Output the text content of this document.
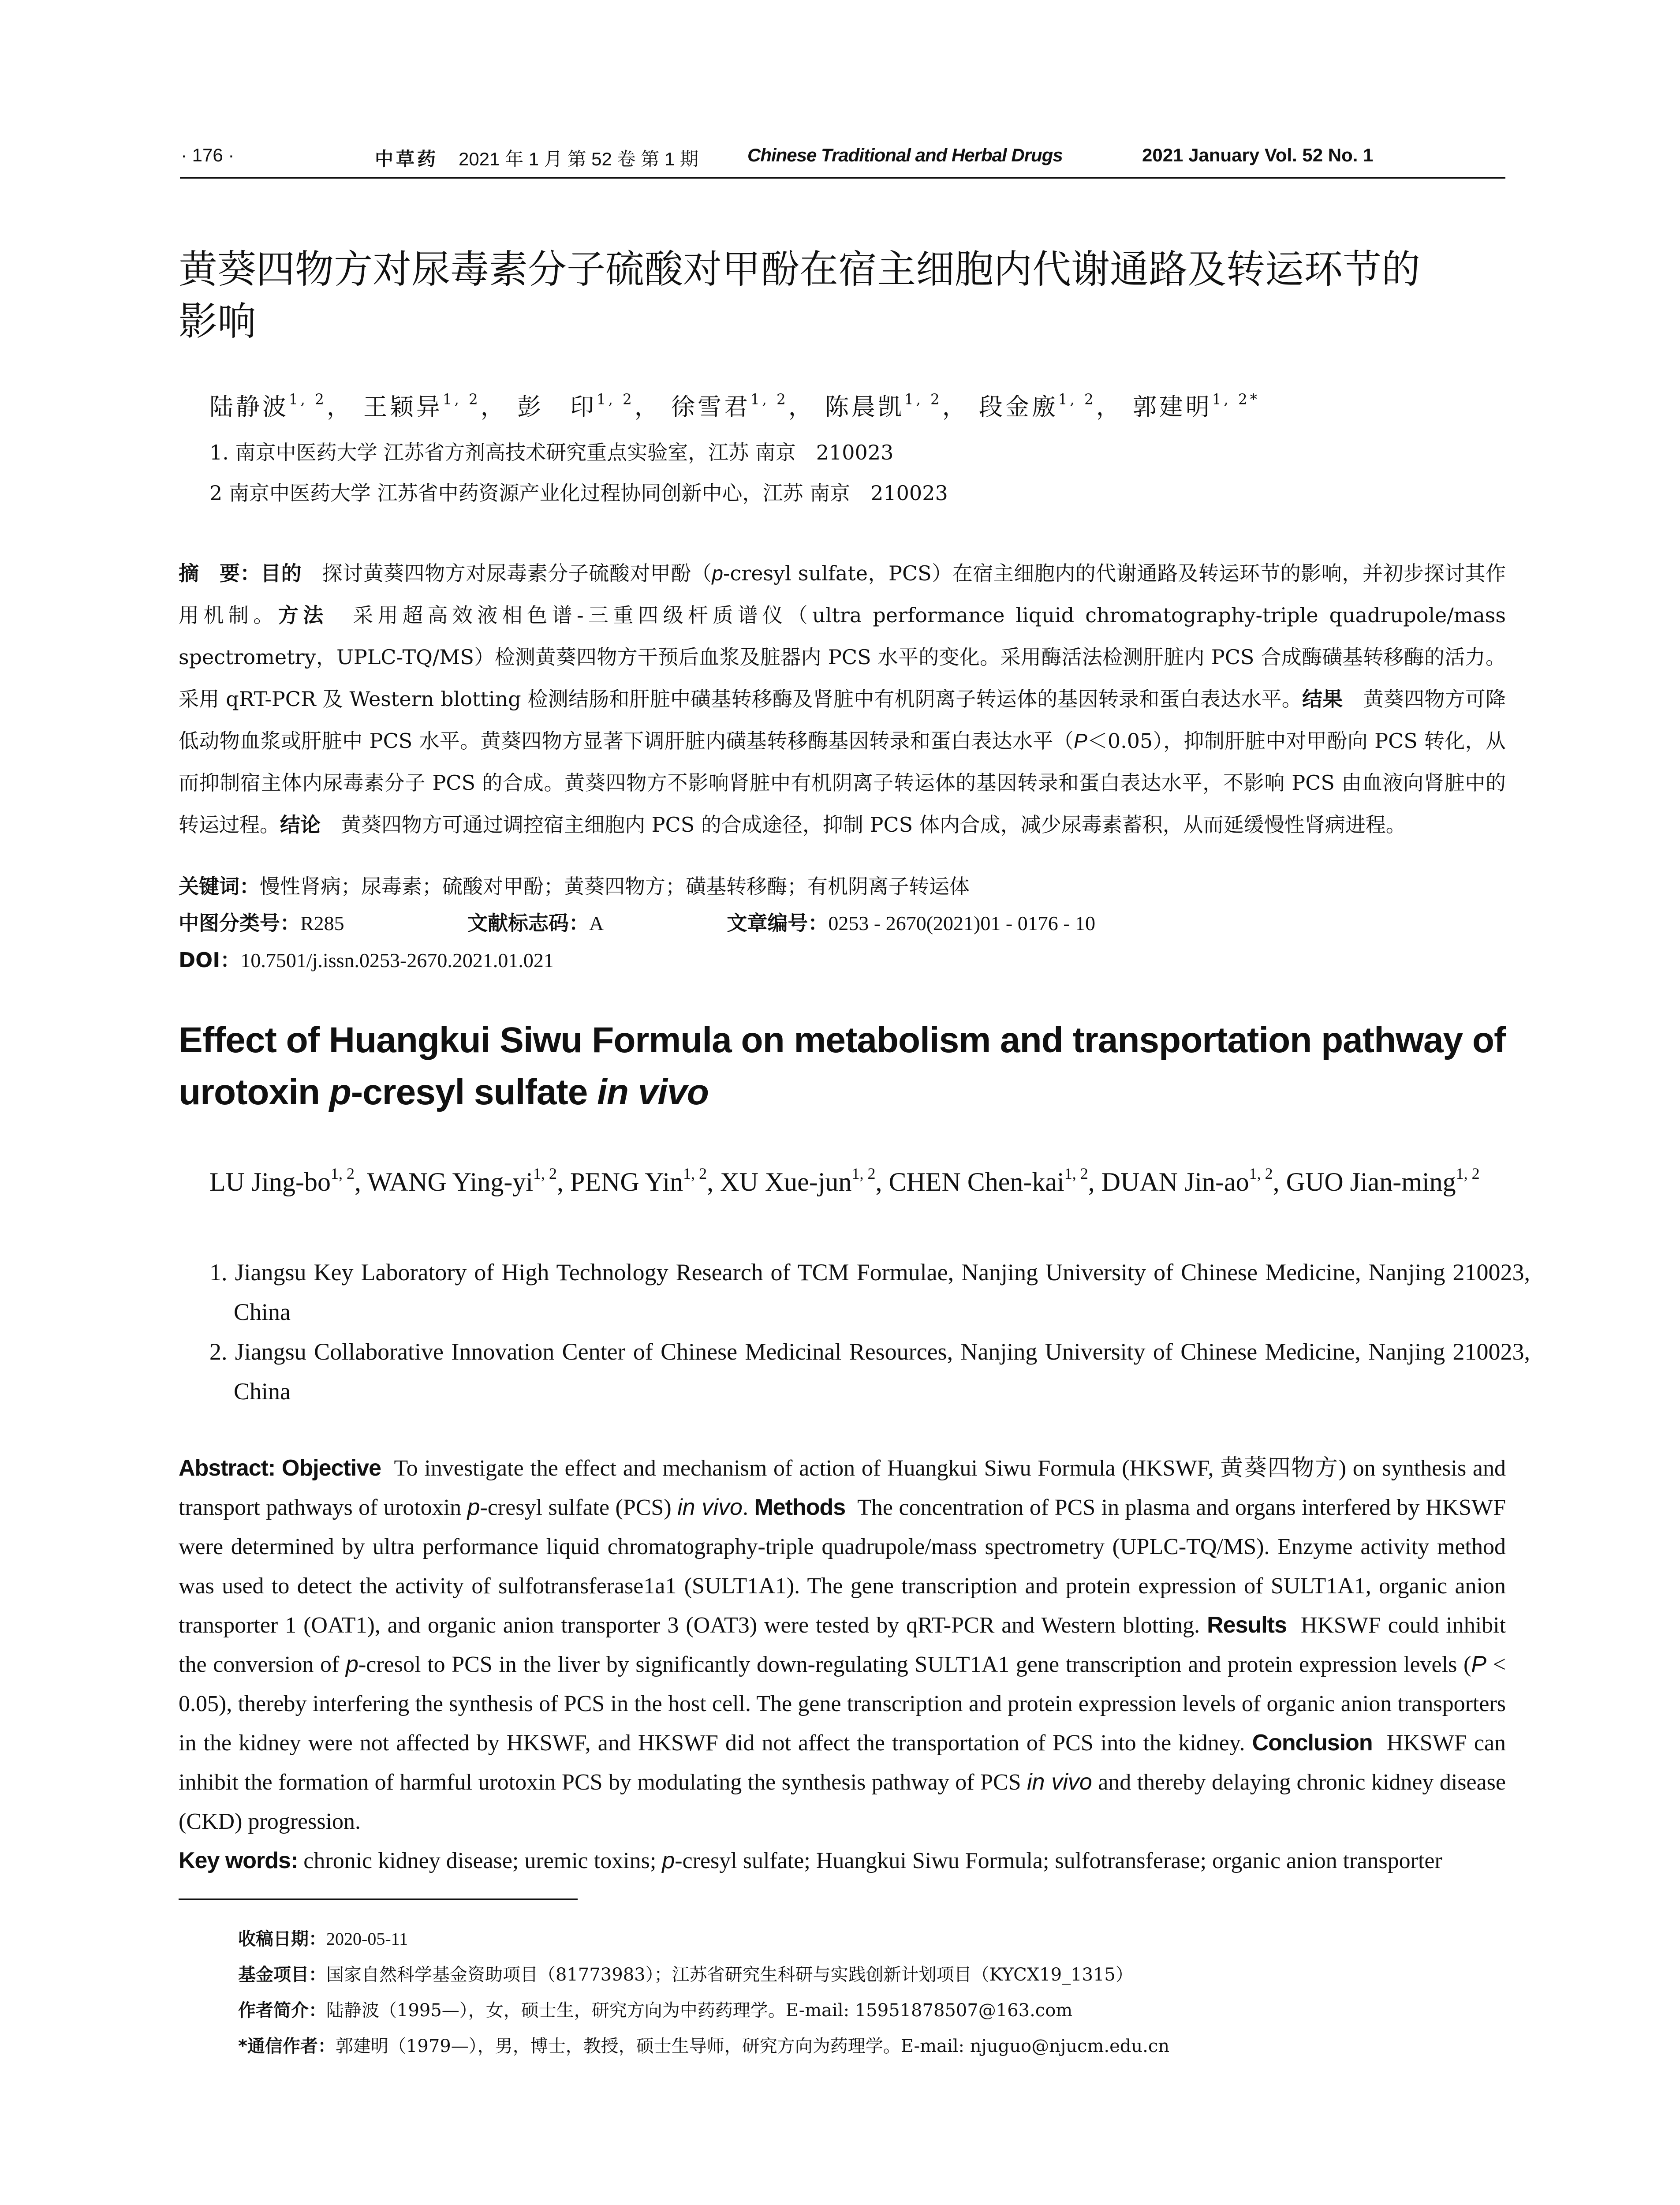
· 176 ·	中草药 2021 年 1 月 第 52 卷 第 1 期	Chinese Traditional and Herbal Drugs	2021 January Vol. 52 No. 1
黄葵四物方对尿毒素分子硫酸对甲酚在宿主细胞内代谢通路及转运环节的
影响
陆静波$^{1, 2}$， 王颖异$^{1, 2}$， 彭　印$^{1, 2}$， 徐雪君$^{1, 2}$， 陈晨凯$^{1, 2}$， 段金廒$^{1, 2}$， 郭建明$^{1, 2*}$
1. 南京中医药大学 江苏省方剂高技术研究重点实验室，江苏 南京　210023
2 南京中医药大学 江苏省中药资源产业化过程协同创新中心，江苏 南京　210023
摘　要：目的　 探讨黄葵四物方对尿毒素分子硫酸对甲酚（p-cresyl sulfate，PCS）在宿主细胞内的代谢通路及转运环节的影响，并初步探讨其作用机制。方法　 采用超高效液相色谱-三重四级杆质谱仪（ultra performance liquid chromatography-triple quadrupole/mass spectrometry，UPLC-TQ/MS）检测黄葵四物方干预后血浆及脏器内 PCS 水平的变化。采用酶活法检测肝脏内 PCS 合成酶磺基转移酶的活力。采用 qRT-PCR 及 Western blotting 检测结肠和肝脏中磺基转移酶及肾脏中有机阴离子转运体的基因转录和蛋白表达水平。结果　 黄葵四物方可降低动物血浆或肝脏中 PCS 水平。黄葵四物方显著下调肝脏内磺基转移酶基因转录和蛋白表达水平（P＜0.05），抑制肝脏中对甲酚向 PCS 转化，从而抑制宿主体内尿毒素分子 PCS 的合成。黄葵四物方不影响肾脏中有机阴离子转运体的基因转录和蛋白表达水平，不影响 PCS 由血液向肾脏中的转运过程。结论　 黄葵四物方可通过调控宿主细胞内 PCS 的合成途径，抑制 PCS 体内合成，减少尿毒素蓄积，从而延缓慢性肾病进程。
关键词：慢性肾病；尿毒素；硫酸对甲酚；黄葵四物方；磺基转移酶；有机阴离子转运体
中图分类号：R285	文献标志码：A	文章编号：0253 - 2670(2021)01 - 0176 - 10
DOI：10.7501/j.issn.0253-2670.2021.01.021
Effect of Huangkui Siwu Formula on metabolism and transportation pathway of urotoxin p-cresyl sulfate in vivo
LU Jing-bo$^{1, 2}$, WANG Ying-yi$^{1, 2}$, PENG Yin$^{1, 2}$, XU Xue-jun$^{1, 2}$, CHEN Chen-kai$^{1, 2}$, DUAN Jin-ao$^{1, 2}$, GUO Jian-ming$^{1, 2}$
1. Jiangsu Key Laboratory of High Technology Research of TCM Formulae, Nanjing University of Chinese Medicine, Nanjing 210023, China
2. Jiangsu Collaborative Innovation Center of Chinese Medicinal Resources, Nanjing University of Chinese Medicine, Nanjing 210023, China
Abstract: Objective To investigate the effect and mechanism of action of Huangkui Siwu Formula (HKSWF, 黄葵四物方) on synthesis and transport pathways of urotoxin p-cresyl sulfate (PCS) in vivo. Methods The concentration of PCS in plasma and organs interfered by HKSWF were determined by ultra performance liquid chromatography-triple quadrupole/mass spectrometry (UPLC-TQ/MS). Enzyme activity method was used to detect the activity of sulfotransferase1a1 (SULT1A1). The gene transcription and protein expression of SULT1A1, organic anion transporter 1 (OAT1), and organic anion transporter 3 (OAT3) were tested by qRT-PCR and Western blotting. Results HKSWF could inhibit the conversion of p-cresol to PCS in the liver by significantly down-regulating SULT1A1 gene transcription and protein expression levels (P < 0.05), thereby interfering the synthesis of PCS in the host cell. The gene transcription and protein expression levels of organic anion transporters in the kidney were not affected by HKSWF, and HKSWF did not affect the transportation of PCS into the kidney. Conclusion HKSWF can inhibit the formation of harmful urotoxin PCS by modulating the synthesis pathway of PCS in vivo and thereby delaying chronic kidney disease (CKD) progression.
Key words: chronic kidney disease; uremic toxins; p-cresyl sulfate; Huangkui Siwu Formula; sulfotransferase; organic anion transporter
收稿日期：2020-05-11
基金项目：国家自然科学基金资助项目（81773983）；江苏省研究生科研与实践创新计划项目（KYCX19_1315）
作者简介：陆静波（1995—），女，硕士生，研究方向为中药药理学。E-mail: 15951878507@163.com
*通信作者：郭建明（1979—），男，博士，教授，硕士生导师，研究方向为药理学。E-mail: njuguo@njucm.edu.cn
